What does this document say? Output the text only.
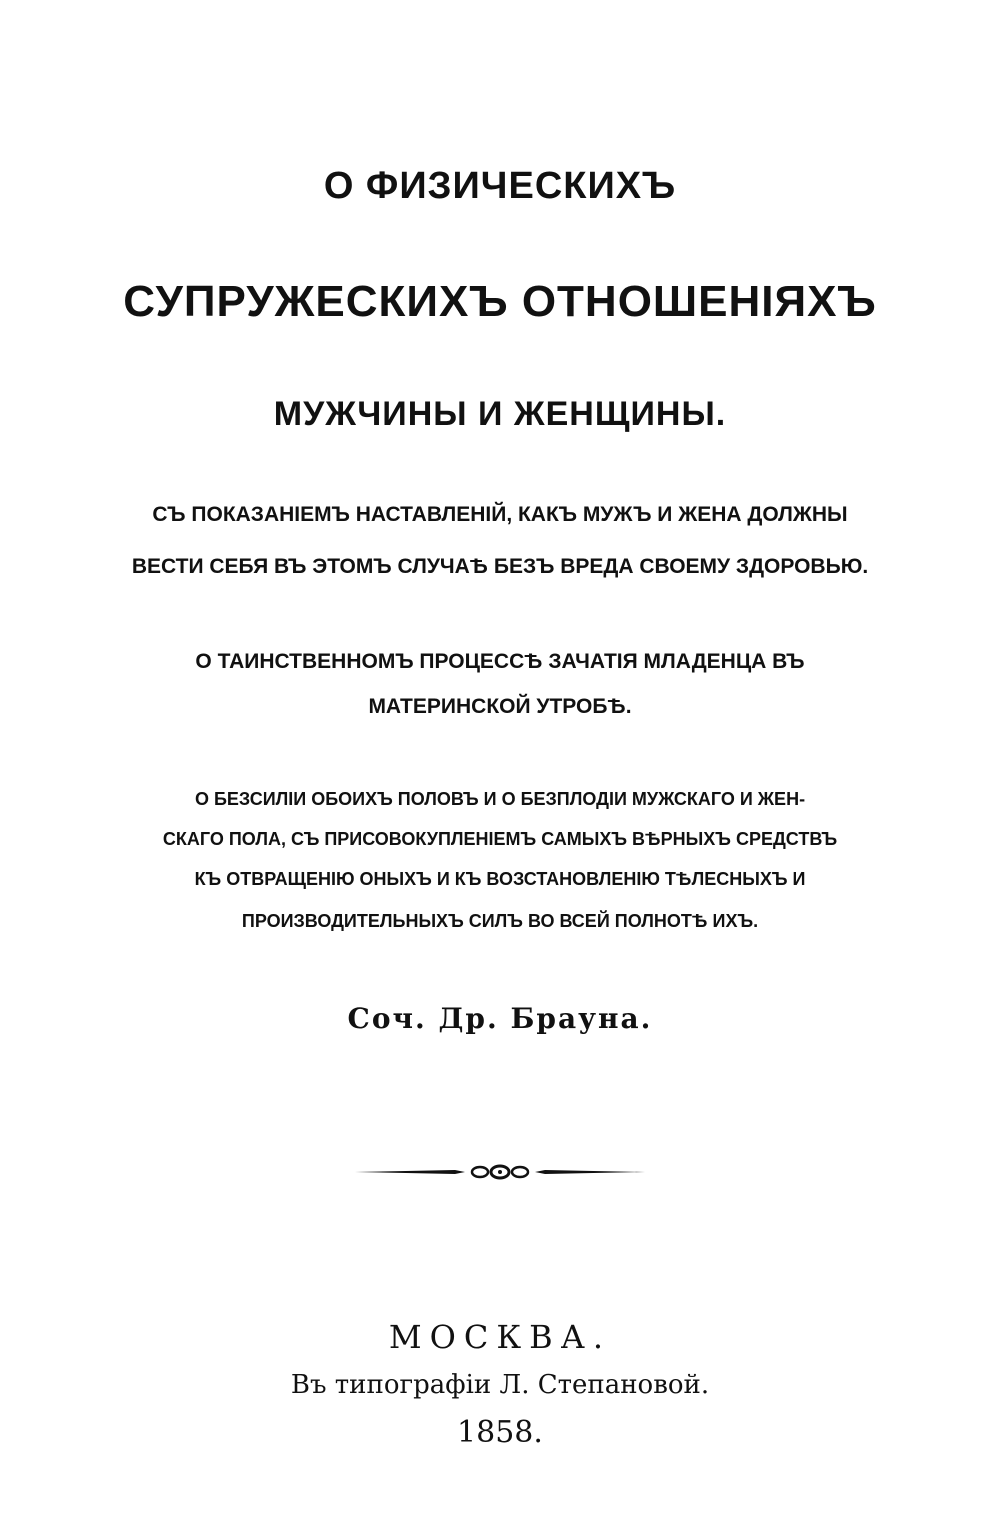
О ФИЗИЧЕСКИХЪ
СУПРУЖЕСКИХЪ ОТНОШЕНІЯХЪ
МУЖЧИНЫ И ЖЕНЩИНЫ.
СЪ ПОКАЗАНІЕМЪ НАСТАВЛЕНІЙ, КАКЪ МУЖЪ И ЖЕНА ДОЛЖНЫ
ВЕСТИ СЕБЯ ВЪ ЭТОМЪ СЛУЧАѢ БЕЗЪ ВРЕДА СВОЕМУ ЗДОРОВЬЮ.
О ТАИНСТВЕННОМЪ ПРОЦЕССѢ ЗАЧАТІЯ МЛАДЕНЦА ВЪ
МАТЕРИНСКОЙ УТРОБѢ.
О БЕЗСИЛІИ ОБОИХЪ ПОЛОВЪ И О БЕЗПЛОДІИ МУЖСКАГО И ЖЕН-
СКАГО ПОЛА, СЪ ПРИСОВОКУПЛЕНІЕМЪ САМЫХЪ ВѢРНЫХЪ СРЕДСТВЪ
КЪ ОТВРАЩЕНІЮ ОНЫХЪ И КЪ ВОЗСТАНОВЛЕНІЮ ТѢЛЕСНЫХЪ И
ПРОИЗВОДИТЕЛЬНЫХЪ СИЛЪ ВО ВСЕЙ ПОЛНОТѢ ИХЪ.
Соч. Др. Брауна.
МОСКВА.
Въ типографіи Л. Степановой.
1858.
